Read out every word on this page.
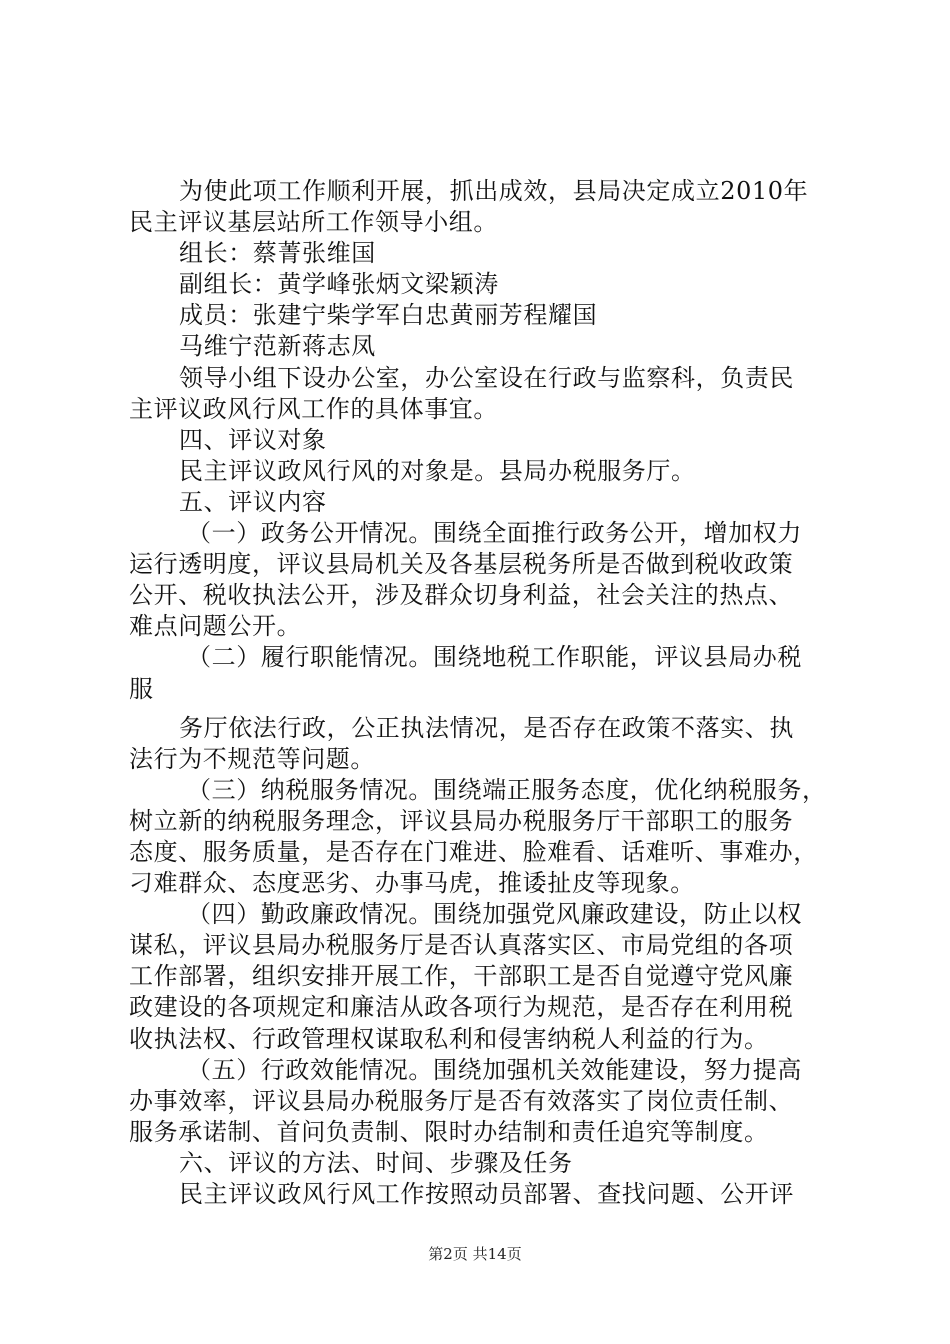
为使此项工作顺利开展，抓出成效，县局决定成立2010年
民主评议基层站所工作领导小组。
组长：蔡菁张维国
副组长：黄学峰张炳文梁颖涛
成员：张建宁柴学军白忠黄丽芳程耀国
马维宁范新蒋志凤
领导小组下设办公室，办公室设在行政与监察科，负责民
主评议政风行风工作的具体事宜。
四、评议对象
民主评议政风行风的对象是。县局办税服务厅。
五、评议内容
（一）政务公开情况。围绕全面推行政务公开，增加权力
运行透明度，评议县局机关及各基层税务所是否做到税收政策
公开、税收执法公开，涉及群众切身利益，社会关注的热点、
难点问题公开。
（二）履行职能情况。围绕地税工作职能，评议县局办税
服
务厅依法行政，公正执法情况，是否存在政策不落实、执
法行为不规范等问题。
（三）纳税服务情况。围绕端正服务态度，优化纳税服务，
树立新的纳税服务理念，评议县局办税服务厅干部职工的服务
态度、服务质量，是否存在门难进、脸难看、话难听、事难办，
刁难群众、态度恶劣、办事马虎，推诿扯皮等现象。
（四）勤政廉政情况。围绕加强党风廉政建设，防止以权
谋私，评议县局办税服务厅是否认真落实区、市局党组的各项
工作部署，组织安排开展工作，干部职工是否自觉遵守党风廉
政建设的各项规定和廉洁从政各项行为规范，是否存在利用税
收执法权、行政管理权谋取私利和侵害纳税人利益的行为。
（五）行政效能情况。围绕加强机关效能建设，努力提高
办事效率，评议县局办税服务厅是否有效落实了岗位责任制、
服务承诺制、首问负责制、限时办结制和责任追究等制度。
六、评议的方法、时间、步骤及任务
民主评议政风行风工作按照动员部署、查找问题、公开评
第2页 共14页
